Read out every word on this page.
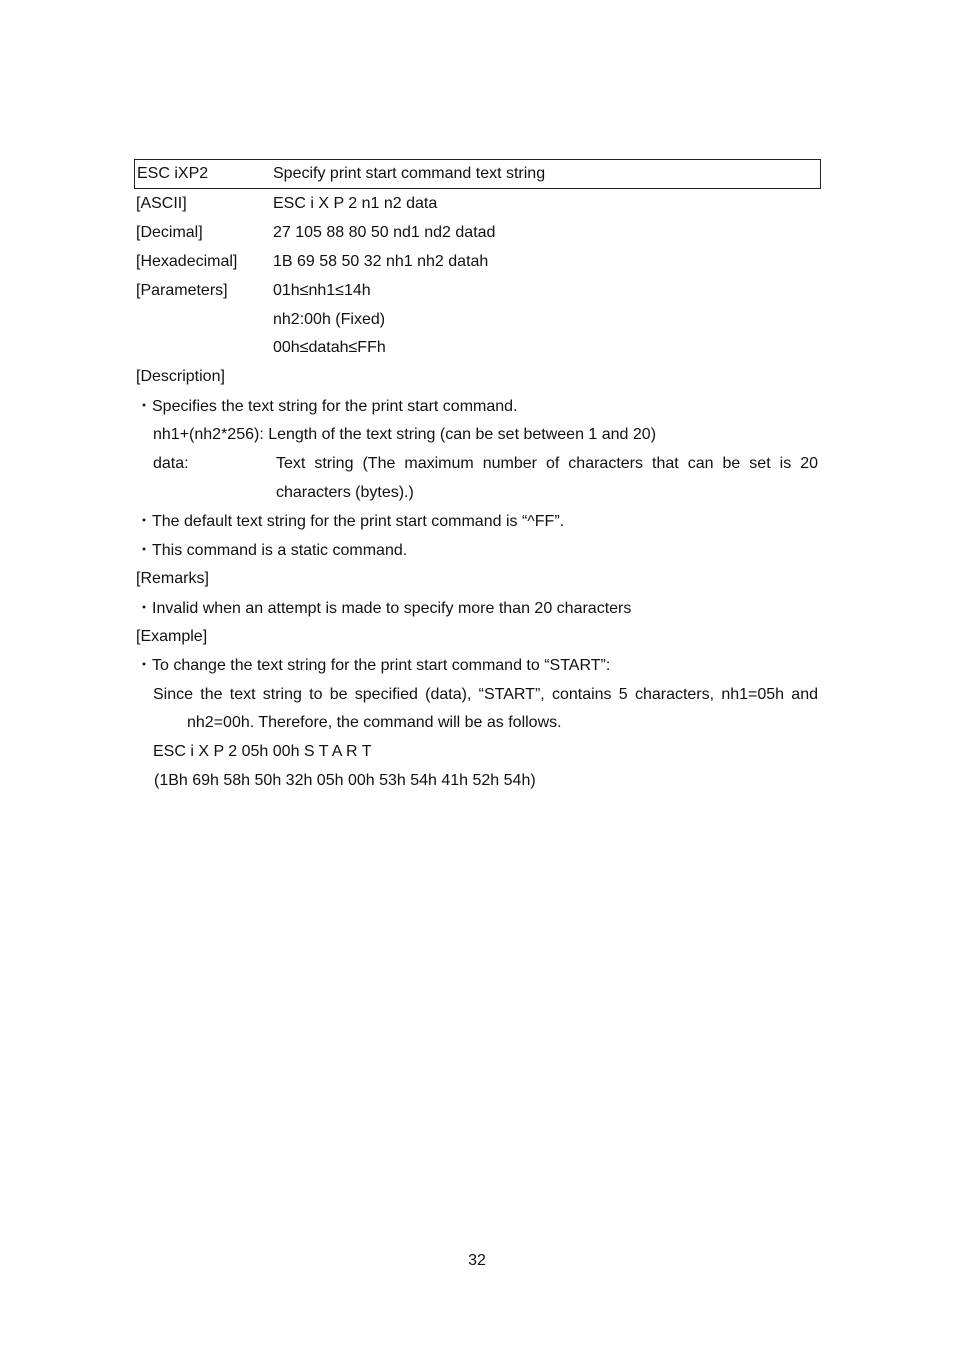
ESC iXP2	Specify print start command text string
[ASCII]	ESC i X P 2 n1 n2 data
[Decimal]	27 105 88 80 50 nd1 nd2 datad
[Hexadecimal] 1B 69 58 50 32 nh1 nh2 datah
[Parameters]	01h≤nh1≤14h
nh2:00h (Fixed)
00h≤datah≤FFh
[Description]
・Specifies the text string for the print start command.
nh1+(nh2*256): Length of the text string (can be set between 1 and 20)
data:	Text string (The maximum number of characters that can be set is 20
characters (bytes).)
・The default text string for the print start command is “^FF”.
・This command is a static command.
[Remarks]
・Invalid when an attempt is made to specify more than 20 characters
[Example]
・To change the text string for the print start command to “START”:
Since the text string to be specified (data), “START”, contains 5 characters, nh1=05h and
nh2=00h. Therefore, the command will be as follows.
ESC i X P 2 05h 00h S T A R T
(1Bh 69h 58h 50h 32h 05h 00h 53h 54h 41h 52h 54h)
32
